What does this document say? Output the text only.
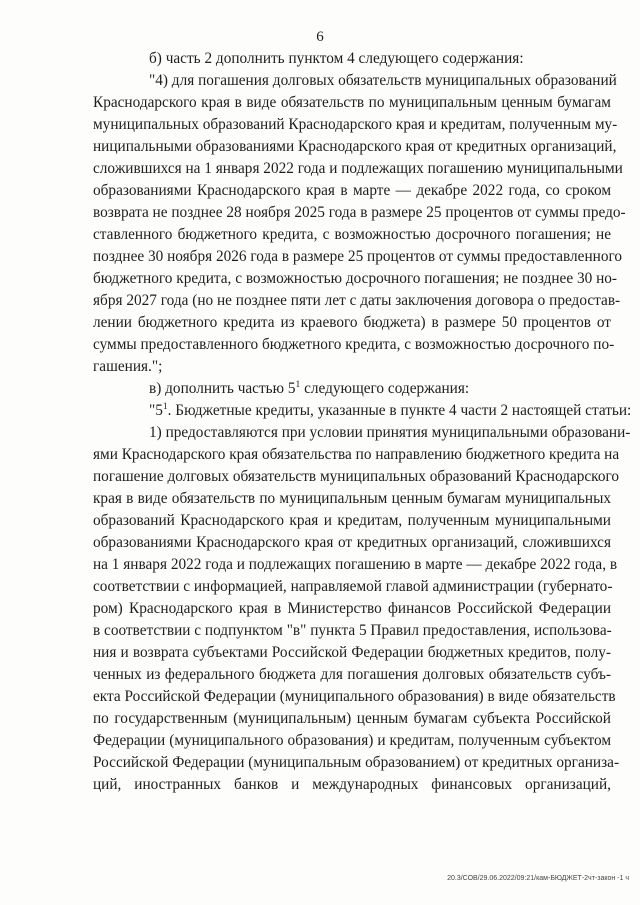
6
б) часть 2 дополнить пунктом 4 следующего содержания:
"4) для погашения долговых обязательств муниципальных образований
Краснодарского края в виде обязательств по муниципальным ценным бумагам
муниципальных образований Краснодарского края и кредитам, полученным му-
ниципальными образованиями Краснодарского края от кредитных организаций,
сложившихся на 1 января 2022 года и подлежащих погашению муниципальными
образованиями Краснодарского края в марте — декабре 2022 года, со сроком
возврата не позднее 28 ноября 2025 года в размере 25 процентов от суммы предо-
ставленного бюджетного кредита, с возможностью досрочного погашения; не
позднее 30 ноября 2026 года в размере 25 процентов от суммы предоставленного
бюджетного кредита, с возможностью досрочного погашения; не позднее 30 но-
ября 2027 года (но не позднее пяти лет с даты заключения договора о предостав-
лении бюджетного кредита из краевого бюджета) в размере 50 процентов от
суммы предоставленного бюджетного кредита, с возможностью досрочного по-
гашения.";
в) дополнить частью $5^1$ следующего содержания:
"$5^1$. Бюджетные кредиты, указанные в пункте 4 части 2 настоящей статьи:
1) предоставляются при условии принятия муниципальными образовани-
ями Краснодарского края обязательства по направлению бюджетного кредита на
погашение долговых обязательств муниципальных образований Краснодарского
края в виде обязательств по муниципальным ценным бумагам муниципальных
образований Краснодарского края и кредитам, полученным муниципальными
образованиями Краснодарского края от кредитных организаций, сложившихся
на 1 января 2022 года и подлежащих погашению в марте — декабре 2022 года, в
соответствии с информацией, направляемой главой администрации (губернато-
ром) Краснодарского края в Министерство финансов Российской Федерации
в соответствии с подпунктом "в" пункта 5 Правил предоставления, использова-
ния и возврата субъектами Российской Федерации бюджетных кредитов, полу-
ченных из федерального бюджета для погашения долговых обязательств субъ-
екта Российской Федерации (муниципального образования) в виде обязательств
по государственным (муниципальным) ценным бумагам субъекта Российской
Федерации (муниципального образования) и кредитам, полученным субъектом
Российской Федерации (муниципальным образованием) от кредитных организа-
ций, иностранных банков и международных финансовых организаций,
20.3/СОВ/29.06.2022/09:21/кам-БЮДЖЕТ-2чт-закон -1 ч
